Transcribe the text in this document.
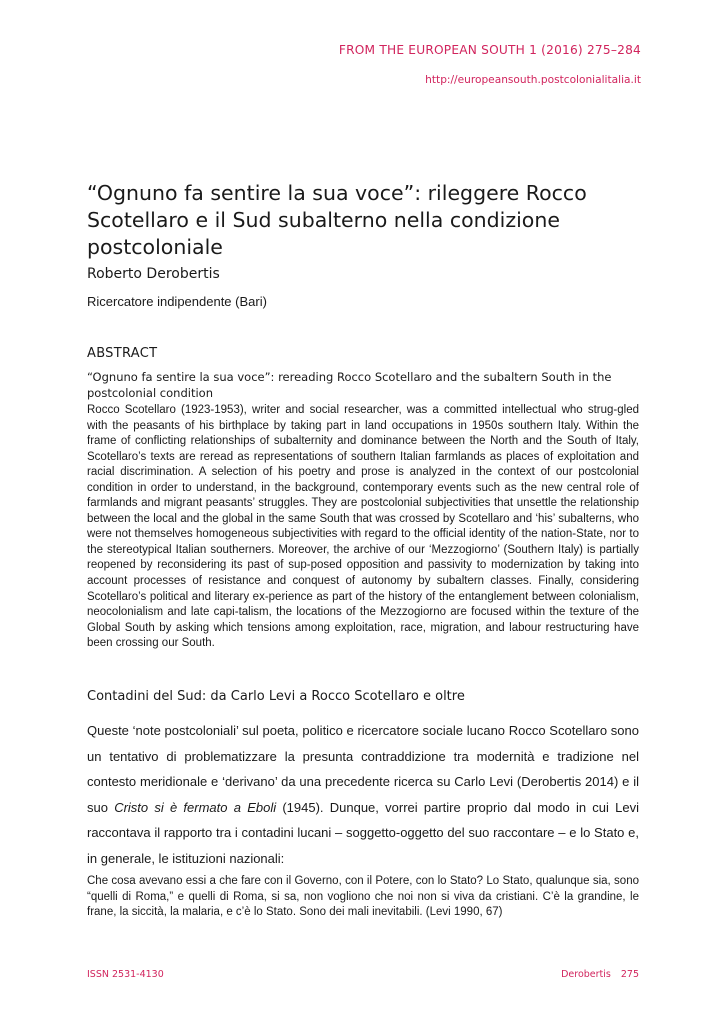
FROM THE EUROPEAN SOUTH 1 (2016) 275–284
http://europeansouth.postcolonialitalia.it
“Ognuno fa sentire la sua voce”: rileggere Rocco Scotellaro e il Sud subalterno nella condizione postcoloniale
Roberto Derobertis
Ricercatore indipendente (Bari)
ABSTRACT
“Ognuno fa sentire la sua voce”: rereading Rocco Scotellaro and the subaltern South in the postcolonial condition
Rocco Scotellaro (1923-1953), writer and social researcher, was a committed intellectual who strug-gled with the peasants of his birthplace by taking part in land occupations in 1950s southern Italy. Within the frame of conflicting relationships of subalternity and dominance between the North and the South of Italy, Scotellaro’s texts are reread as representations of southern Italian farmlands as places of exploitation and racial discrimination. A selection of his poetry and prose is analyzed in the context of our postcolonial condition in order to understand, in the background, contemporary events such as the new central role of farmlands and migrant peasants’ struggles. They are postcolonial subjectivities that unsettle the relationship between the local and the global in the same South that was crossed by Scotellaro and ‘his’ subalterns, who were not themselves homogeneous subjectivities with regard to the official identity of the nation-State, nor to the stereotypical Italian southerners. Moreover, the archive of our ‘Mezzogiorno’ (Southern Italy) is partially reopened by reconsidering its past of sup-posed opposition and passivity to modernization by taking into account processes of resistance and conquest of autonomy by subaltern classes. Finally, considering Scotellaro’s political and literary ex-perience as part of the history of the entanglement between colonialism, neocolonialism and late capi-talism, the locations of the Mezzogiorno are focused within the texture of the Global South by asking which tensions among exploitation, race, migration, and labour restructuring have been crossing our South.
Contadini del Sud: da Carlo Levi a Rocco Scotellaro e oltre

Queste ‘note postcoloniali’ sul poeta, politico e ricercatore sociale lucano Rocco Scotellaro sono un tentativo di problematizzare la presunta contraddizione tra modernità e tradizione nel contesto meridionale e ‘derivano’ da una precedente ricerca su Carlo Levi (Derobertis 2014) e il suo Cristo si è fermato a Eboli (1945). Dunque, vorrei partire proprio dal modo in cui Levi raccontava il rapporto tra i contadini lucani – soggetto-oggetto del suo raccontare – e lo Stato e, in generale, le istituzioni nazionali:

Che cosa avevano essi a che fare con il Governo, con il Potere, con lo Stato? Lo Stato, qualunque sia, sono “quelli di Roma,” e quelli di Roma, si sa, non vogliono che noi non si viva da cristiani. C’è la grandine, le frane, la siccità, la malaria, e c’è lo Stato. Sono dei mali inevitabili. (Levi 1990, 67)

ISSN 2531-4130	Derobertis 275
